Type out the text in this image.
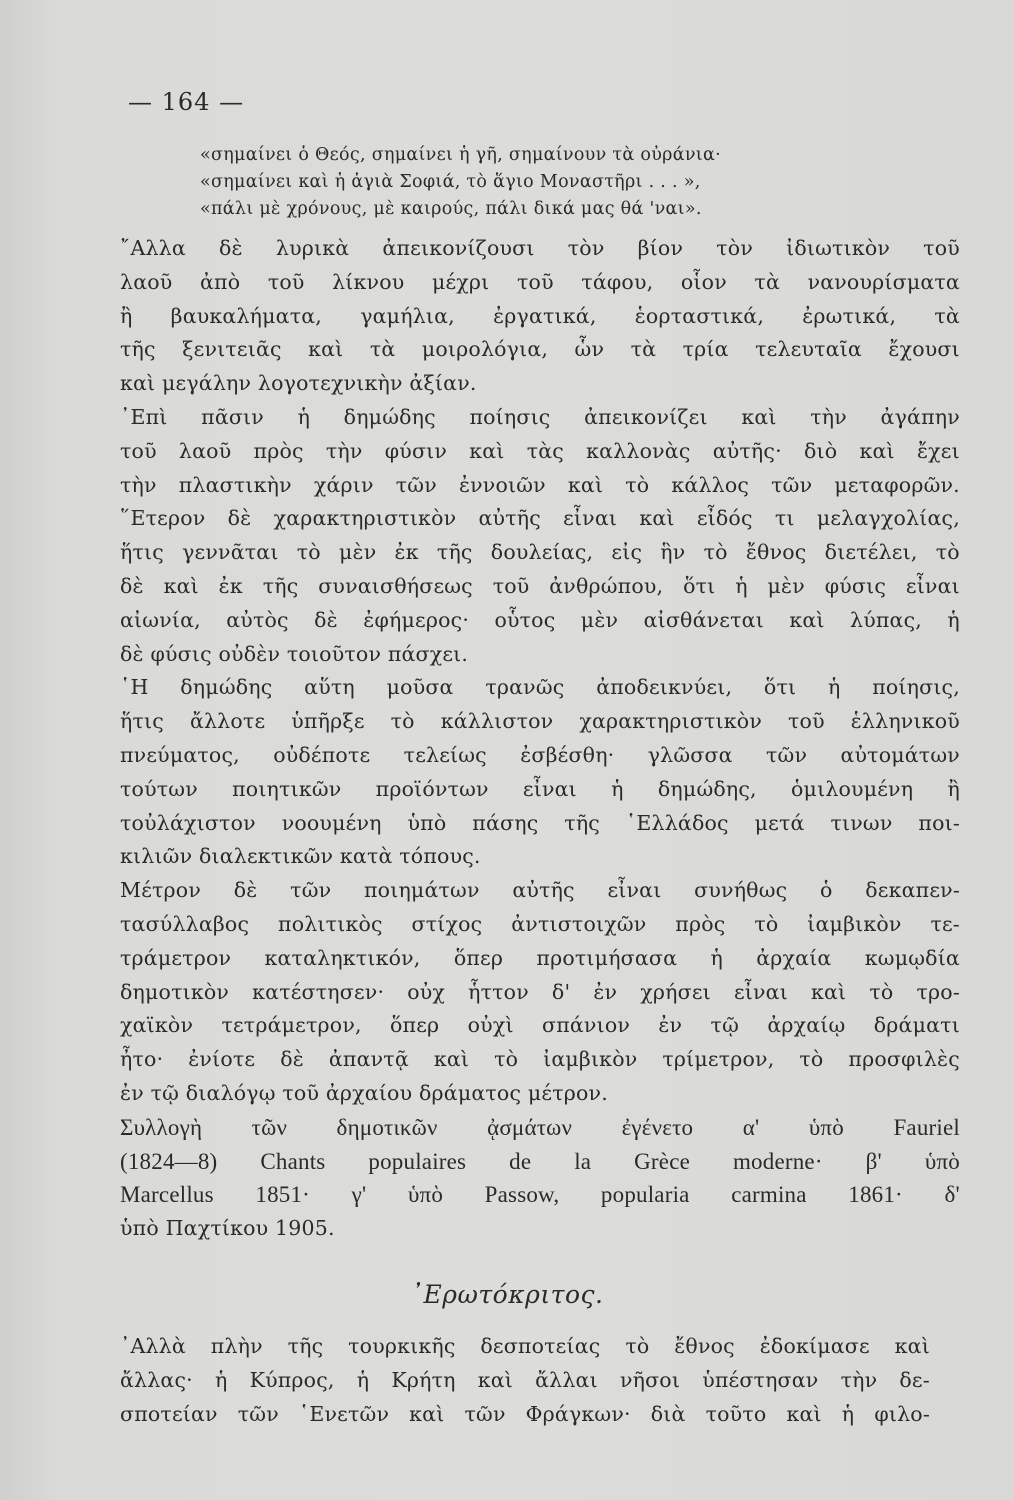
— 164 —
«σημαίνει ὁ Θεός, σημαίνει ἡ γῆ, σημαίνουν τὰ οὐράνια·
«σημαίνει καὶ ἡ ἁγιὰ Σοφιά, τὸ ἅγιο Μοναστῆρι . . . »,
«πάλι μὲ χρόνους, μὲ καιρούς, πάλι δικά μας θά 'ναι».
῎Αλλα δὲ λυρικὰ ἀπεικονίζουσι τὸν βίον τὸν ἰδιωτικὸν τοῦ
λαοῦ ἀπὸ τοῦ λίκνου μέχρι τοῦ τάφου, οἷον τὰ νανουρίσματα
ἢ βαυκαλήματα, γαμήλια, ἐργατικά, ἑορταστικά, ἐρωτικά, τὰ
τῆς ξενιτειᾶς καὶ τὰ μοιρολόγια, ὧν τὰ τρία τελευταῖα ἔχουσι
καὶ μεγάλην λογοτεχνικὴν ἀξίαν.
᾿Επὶ πᾶσιν ἡ δημώδης ποίησις ἀπεικονίζει καὶ τὴν ἀγάπην
τοῦ λαοῦ πρὸς τὴν φύσιν καὶ τὰς καλλονὰς αὐτῆς· διὸ καὶ ἔχει
τὴν πλαστικὴν χάριν τῶν ἐννοιῶν καὶ τὸ κάλλος τῶν μεταφορῶν.
῞Ετερον δὲ χαρακτηριστικὸν αὐτῆς εἶναι καὶ εἶδός τι μελαγχολίας,
ἥτις γεννᾶται τὸ μὲν ἐκ τῆς δουλείας, εἰς ἣν τὸ ἔθνος διετέλει, τὸ
δὲ καὶ ἐκ τῆς συναισθήσεως τοῦ ἀνθρώπου, ὅτι ἡ μὲν φύσις εἶναι
αἰωνία, αὐτὸς δὲ ἐφήμερος· οὗτος μὲν αἰσθάνεται καὶ λύπας, ἡ
δὲ φύσις οὐδὲν τοιοῦτον πάσχει.
῾Η δημώδης αὕτη μοῦσα τρανῶς ἀποδεικνύει, ὅτι ἡ ποίησις,
ἥτις ἄλλοτε ὑπῆρξε τὸ κάλλιστον χαρακτηριστικὸν τοῦ ἑλληνικοῦ
πνεύματος, οὐδέποτε τελείως ἐσβέσθη· γλῶσσα τῶν αὐτομάτων
τούτων ποιητικῶν προϊόντων εἶναι ἡ δημώδης, ὁμιλουμένη ἢ
τοὐλάχιστον νοουμένη ὑπὸ πάσης τῆς ῾Ελλάδος μετά τινων ποι-
κιλιῶν διαλεκτικῶν κατὰ τόπους.
Μέτρον δὲ τῶν ποιημάτων αὐτῆς εἶναι συνήθως ὁ δεκαπεν-
τασύλλαβος πολιτικὸς στίχος ἀντιστοιχῶν πρὸς τὸ ἰαμβικὸν τε-
τράμετρον καταληκτικόν, ὅπερ προτιμήσασα ἡ ἀρχαία κωμῳδία
δημοτικὸν κατέστησεν· οὐχ ἧττον δ' ἐν χρήσει εἶναι καὶ τὸ τρο-
χαϊκὸν τετράμετρον, ὅπερ οὐχὶ σπάνιον ἐν τῷ ἀρχαίῳ δράματι
ἦτο· ἐνίοτε δὲ ἀπαντᾷ καὶ τὸ ἰαμβικὸν τρίμετρον, τὸ προσφιλὲς
ἐν τῷ διαλόγῳ τοῦ ἀρχαίου δράματος μέτρον.
Συλλογὴ τῶν δημοτικῶν ᾀσμάτων ἐγένετο α' ὑπὸ Fauriel
(1824—8) Chants populaires de la Grèce moderne· β' ὑπὸ
Marcellus 1851· γ' ὑπὸ Passow, popularia carmina 1861· δ'
ὑπὸ Παχτίκου 1905.
᾿Ερωτόκριτος.
᾿Αλλὰ πλὴν τῆς τουρκικῆς δεσποτείας τὸ ἔθνος ἐδοκίμασε καὶ
ἄλλας· ἡ Κύπρος, ἡ Κρήτη καὶ ἄλλαι νῆσοι ὑπέστησαν τὴν δε-
σποτείαν τῶν ῾Ενετῶν καὶ τῶν Φράγκων· διὰ τοῦτο καὶ ἡ φιλο-
